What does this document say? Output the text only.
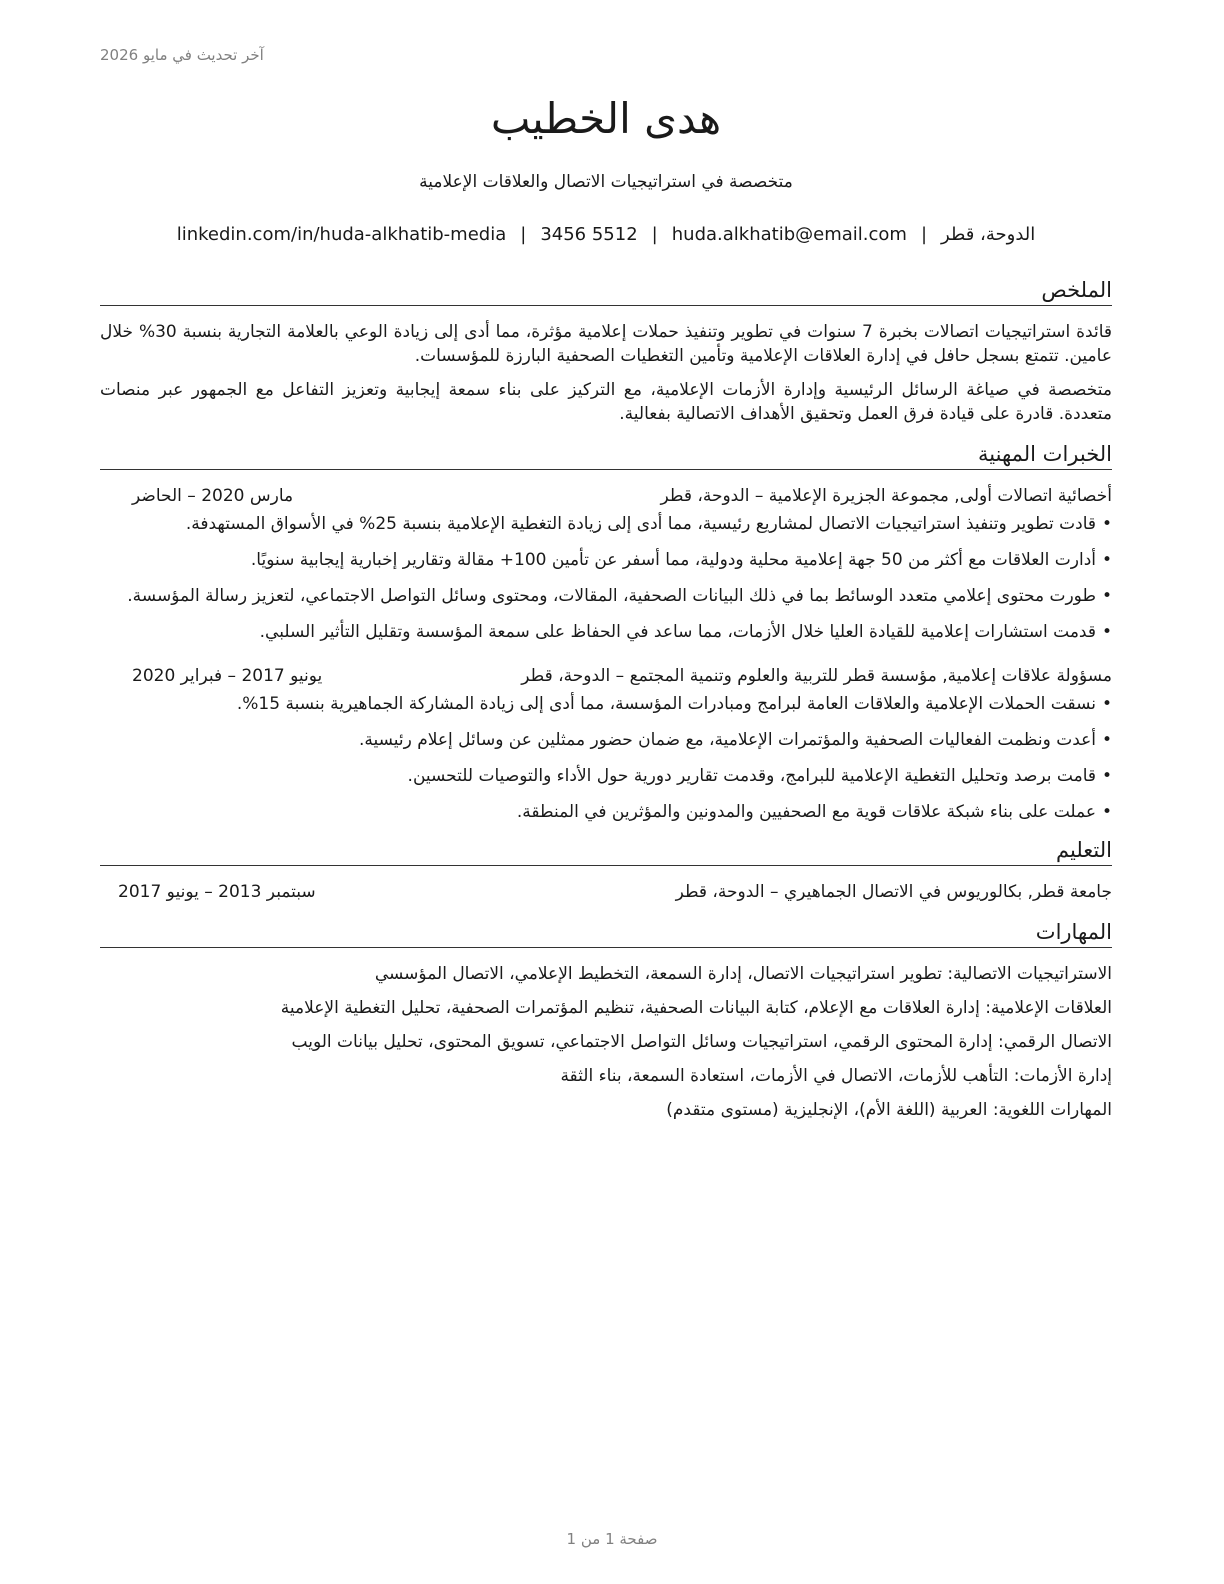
آخر تحديث في مايو 2026
هدى الخطيب
متخصصة في استراتيجيات الاتصال والعلاقات الإعلامية
الدوحة، قطر|huda.alkhatib@email.com|3456 5512|linkedin.com/in/huda-alkhatib-media
الملخص

قائدة استراتيجيات اتصالات بخبرة 7 سنوات في تطوير وتنفيذ حملات إعلامية مؤثرة، مما أدى إلى زيادة الوعي بالعلامة التجارية بنسبة 30% خلال عامين. تتمتع بسجل حافل في إدارة العلاقات الإعلامية وتأمين التغطيات الصحفية البارزة للمؤسسات.

متخصصة في صياغة الرسائل الرئيسية وإدارة الأزمات الإعلامية، مع التركيز على بناء سمعة إيجابية وتعزيز التفاعل مع الجمهور عبر منصات متعددة. قادرة على قيادة فرق العمل وتحقيق الأهداف الاتصالية بفعالية.

الخبرات المهنية
أخصائية اتصالات أولى, مجموعة الجزيرة الإعلامية – الدوحة، قطر
مارس 2020 – الحاضر
• قادت تطوير وتنفيذ استراتيجيات الاتصال لمشاريع رئيسية، مما أدى إلى زيادة التغطية الإعلامية بنسبة 25% في الأسواق المستهدفة.
• أدارت العلاقات مع أكثر من 50 جهة إعلامية محلية ودولية، مما أسفر عن تأمين 100+ مقالة وتقارير إخبارية إيجابية سنويًا.
• طورت محتوى إعلامي متعدد الوسائط بما في ذلك البيانات الصحفية، المقالات، ومحتوى وسائل التواصل الاجتماعي، لتعزيز رسالة المؤسسة.
• قدمت استشارات إعلامية للقيادة العليا خلال الأزمات، مما ساعد في الحفاظ على سمعة المؤسسة وتقليل التأثير السلبي.
مسؤولة علاقات إعلامية, مؤسسة قطر للتربية والعلوم وتنمية المجتمع – الدوحة، قطر
يونيو 2017 – فبراير 2020
• نسقت الحملات الإعلامية والعلاقات العامة لبرامج ومبادرات المؤسسة، مما أدى إلى زيادة المشاركة الجماهيرية بنسبة 15%.
• أعدت ونظمت الفعاليات الصحفية والمؤتمرات الإعلامية، مع ضمان حضور ممثلين عن وسائل إعلام رئيسية.
• قامت برصد وتحليل التغطية الإعلامية للبرامج، وقدمت تقارير دورية حول الأداء والتوصيات للتحسين.
• عملت على بناء شبكة علاقات قوية مع الصحفيين والمدونين والمؤثرين في المنطقة.
التعليم
جامعة قطر, بكالوريوس في الاتصال الجماهيري – الدوحة، قطر
سبتمبر 2013 – يونيو 2017
المهارات

الاستراتيجيات الاتصالية: تطوير استراتيجيات الاتصال، إدارة السمعة، التخطيط الإعلامي، الاتصال المؤسسي

العلاقات الإعلامية: إدارة العلاقات مع الإعلام، كتابة البيانات الصحفية، تنظيم المؤتمرات الصحفية، تحليل التغطية الإعلامية

الاتصال الرقمي: إدارة المحتوى الرقمي، استراتيجيات وسائل التواصل الاجتماعي، تسويق المحتوى، تحليل بيانات الويب

إدارة الأزمات: التأهب للأزمات، الاتصال في الأزمات، استعادة السمعة، بناء الثقة

المهارات اللغوية: العربية (اللغة الأم)، الإنجليزية (مستوى متقدم)

صفحة 1 من 1
